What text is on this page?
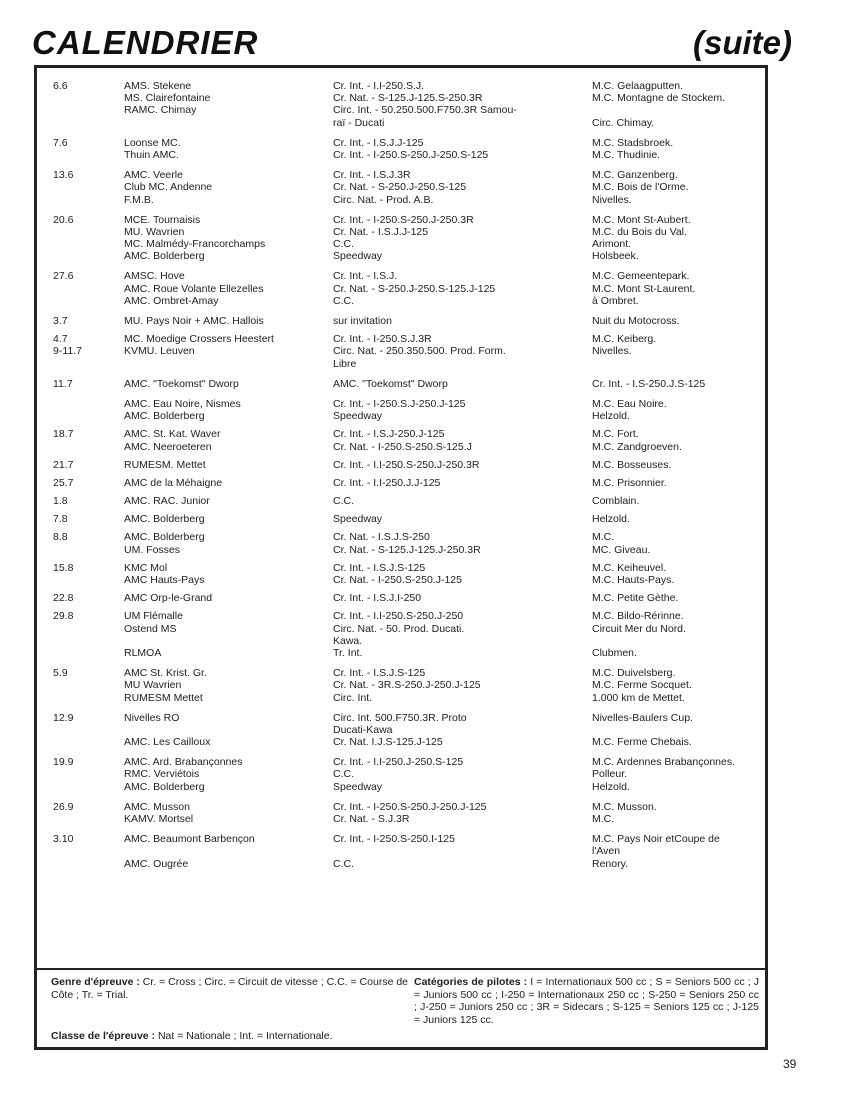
CALENDRIER	(suite)
6.6	AMS. Stekene	Cr. Int. - I.I-250.S.J.	M.C. Gelaagputten.
MS. Clairefontaine	Cr. Nat. - S-125.J-125.S-250.3R	M.C. Montagne de Stockem.
RAMC. Chimay	Circ. Int. - 50.250.500.F750.3R Samou-
raï - Ducati	Circ. Chimay.
7.6	Loonse MC.	Cr. Int. - I.S.J.J-125	M.C. Stadsbroek.
Thuin AMC.	Cr. Int. - I-250.S-250.J-250.S-125	M.C. Thudinie.
13.6	AMC. Veerle	Cr. Int. - I.S.J.3R	M.C. Ganzenberg.
Club MC. Andenne	Cr. Nat. - S-250.J-250.S-125	M.C. Bois de l'Orme.
F.M.B.	Circ. Nat. - Prod. A.B.	Nivelles.
20.6	MCE. Tournaisis	Cr. Int. - I-250.S-250.J-250.3R	M.C. Mont St-Aubert.
MU. Wavrien	Cr. Nat. - I.S.J.J-125	M.C. du Bois du Val.
MC. Malmédy-Francorchamps	C.C.	Arimont.
AMC. Bolderberg	Speedway	Holsbeek.
27.6	AMSC. Hove	Cr. Int. - I.S.J.	M.C. Gemeentepark.
AMC. Roue Volante Ellezelles	Cr. Nat. - S-250.J-250.S-125.J-125	M.C. Mont St-Laurent.
AMC. Ombret-Amay	C.C.	à Ombret.
3.7	MU. Pays Noir + AMC. Hallois	sur invitation	Nuit du Motocross.
4.7	MC. Moedige Crossers Heestert	Cr. Int. - I-250.S.J.3R	M.C. Keiberg.
9-11.7	KVMU. Leuven	Circ. Nat. - 250.350.500. Prod. Form.	Nivelles.
Libre
11.7	AMC. "Toekomst" Dworp	AMC. "Toekomst" Dworp	Cr. Int. - I.S-250.J.S-125
AMC. Eau Noire, Nismes	Cr. Int. - I-250.S.J-250.J-125	M.C. Eau Noire.
AMC. Bolderberg	Speedway	Helzold.
18.7	AMC. St. Kat. Waver	Cr. Int. - I.S.J-250.J-125	M.C. Fort.
AMC. Neeroeteren	Cr. Nat. - I-250.S-250.S-125.J	M.C. Zandgroeven.
21.7	RUMESM. Mettet	Cr. Int. - I.I-250.S-250.J-250.3R	M.C. Bosseuses.
25.7	AMC de la Méhaigne	Cr. Int. - I.I-250.J.J-125	M.C. Prisonnier.
1.8	AMC. RAC. Junior	C.C.	Comblain.
7.8	AMC. Bolderberg	Speedway	Helzold.
8.8	AMC. Bolderberg	Cr. Nat. - I.S.J.S-250	M.C.
UM. Fosses	Cr. Nat. - S-125.J-125.J-250.3R	MC. Giveau.
15.8	KMC Mol	Cr. Int. - I.S.J.S-125	M.C. Keiheuvel.
AMC Hauts-Pays	Cr. Nat. - I-250.S-250.J-125	M.C. Hauts-Pays.
22.8	AMC Orp-le-Grand	Cr. Int. - I.S.J.I-250	M.C. Petite Gèthe.
29.8	UM Flémalle	Cr. Int. - I.I-250.S-250.J-250	M.C. Bildo-Rérinne.
Ostend MS	Circ. Nat. - 50. Prod. Ducati.	Circuit Mer du Nord.
Kawa.
RLMOA	Tr. Int.	Clubmen.
5.9	AMC St. Krist. Gr.	Cr. Int. - I.S.J.S-125	M.C. Duivelsberg.
MU Wavrien	Cr. Nat. - 3R.S-250.J-250.J-125	M.C. Ferme Socquet.
RUMESM Mettet	Circ. Int.	1.000 km de Mettet.
12.9	Nivelles RO	Circ. Int. 500.F750.3R. Proto	Nivelles-Baulers Cup.
Ducati-Kawa
AMC. Les Cailloux	Cr. Nat. I.J.S-125.J-125	M.C. Ferme Chebais.
19.9	AMC. Ard. Brabançonnes	Cr. Int. - I.I-250.J-250.S-125	M.C. Ardennes Brabançonnes.
RMC. Verviétois	C.C.	Polleur.
AMC. Bolderberg	Speedway	Helzold.
26.9	AMC. Musson	Cr. Int. - I-250.S-250.J-250.J-125	M.C. Musson.
KAMV. Mortsel	Cr. Nat. - S.J.3R	M.C.
3.10	AMC. Beaumont Barbençon	Cr. Int. - I-250.S-250.I-125	M.C. Pays Noir etCoupe de
l'Aven
AMC. Ougrée	C.C.	Renory.
Genre d'épreuve : Cr. = Cross ; Circ. = Circuit de vitesse ; C.C. = Course de Côte ; Tr. = Trial.
Catégories de pilotes : I = Internationaux 500 cc ; S = Seniors 500 cc ; J = Juniors 500 cc ; I-250 = Internationaux 250 cc ; S-250 = Seniors 250 cc ; J-250 = Juniors 250 cc ; 3R = Sidecars ; S-125 = Seniors 125 cc ; J-125 = Juniors 125 cc.
Classe de l'épreuve : Nat = Nationale ; Int. = Internationale.
39
